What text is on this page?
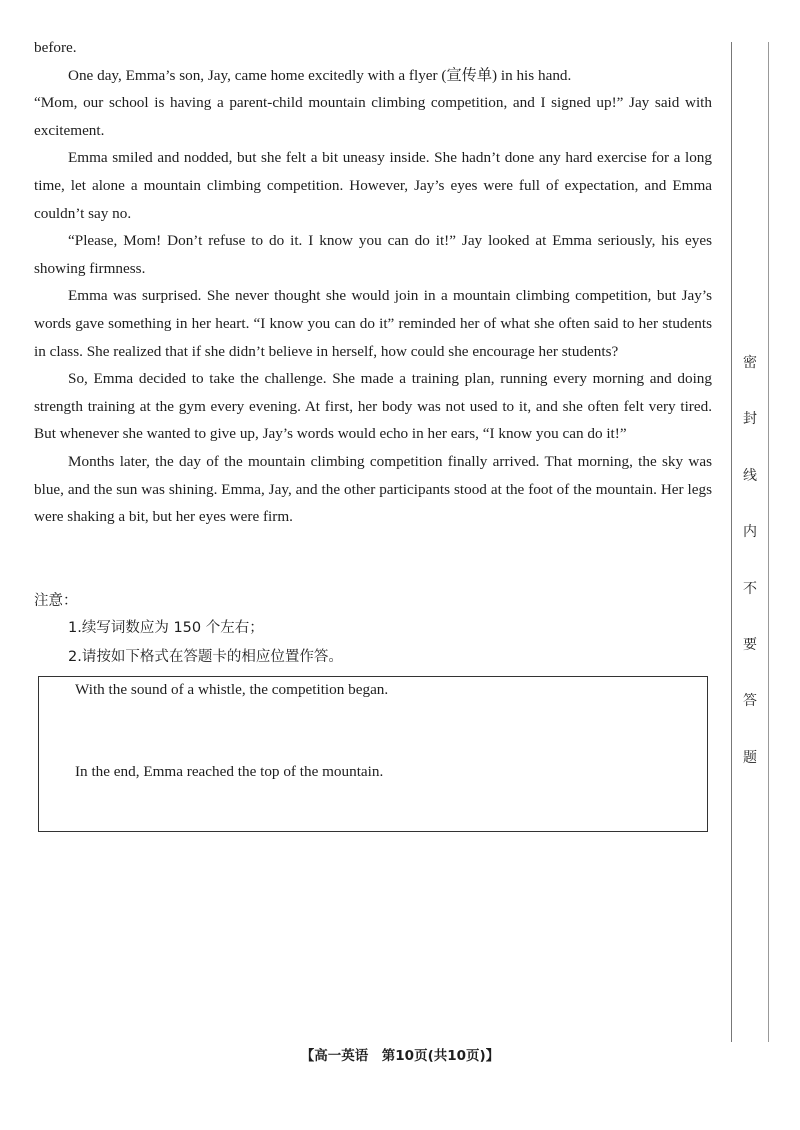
before.

One day, Emma’s son, Jay, came home excitedly with a flyer (宣传单) in his hand.

“Mom, our school is having a parent-child mountain climbing competition, and I signed up!” Jay said with excitement.

Emma smiled and nodded, but she felt a bit uneasy inside. She hadn’t done any hard exercise for a long time, let alone a mountain climbing competition. However, Jay’s eyes were full of expectation, and Emma couldn’t say no.

“Please, Mom! Don’t refuse to do it. I know you can do it!” Jay looked at Emma seriously, his eyes showing firmness.

Emma was surprised. She never thought she would join in a mountain climbing competition, but Jay’s words gave something in her heart. “I know you can do it” reminded her of what she often said to her students in class. She realized that if she didn’t believe in herself, how could she encourage her students?

So, Emma decided to take the challenge. She made a training plan, running every morning and doing strength training at the gym every evening. At first, her body was not used to it, and she often felt very tired. But whenever she wanted to give up, Jay’s words would echo in her ears, “I know you can do it!”

Months later, the day of the mountain climbing competition finally arrived. That morning, the sky was blue, and the sun was shining. Emma, Jay, and the other participants stood at the foot of the mountain. Her legs were shaking a bit, but her eyes were firm.

注意：
1.续写词数应为 150 个左右；
2.请按如下格式在答题卡的相应位置作答。
With the sound of a whistle, the competition began.
In the end, Emma reached the top of the mountain.
密
封
线
内
不
要
答
题
【高一英语　第10页(共10页)】
